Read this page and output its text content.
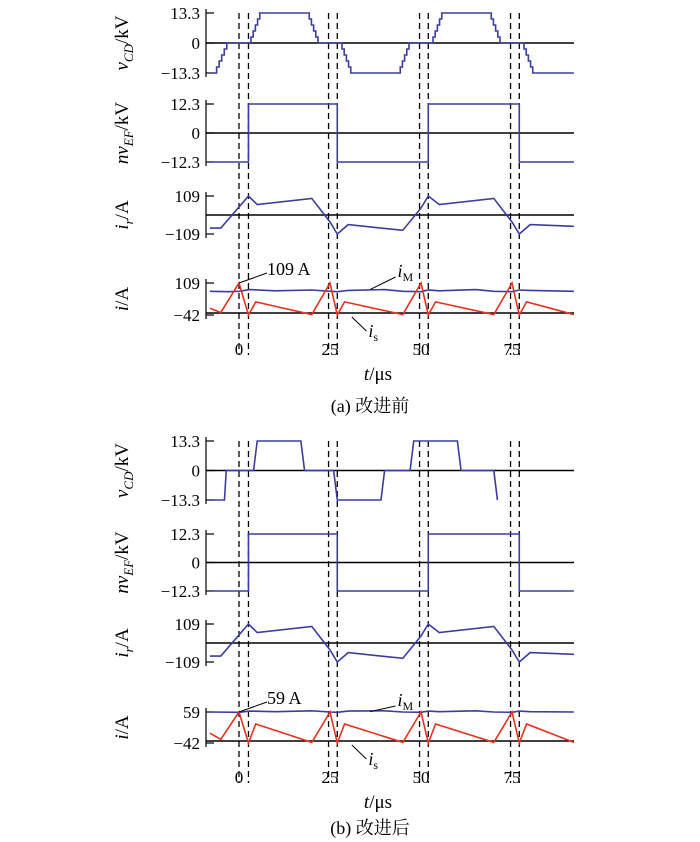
13.3
0
−13.3
$v_{CD}/kV$
12.3
0
−12.3
$nv_{EF}/kV$
109
−109
$i_r/A$
109
−42
i/A
109 A	$i_M$
$i_s$
0	25	50	75
t/μs
(a) 改进前
13.3
0
−13.3
$v_{CD}/kV$
12.3
0
−12.3
$nv_{EF}/kV$
109
−109
$i_r/A$
59
−42
i/A
59 A	$i_M$
$i_s$
0	25	50	75
t/μs
(b) 改进后
